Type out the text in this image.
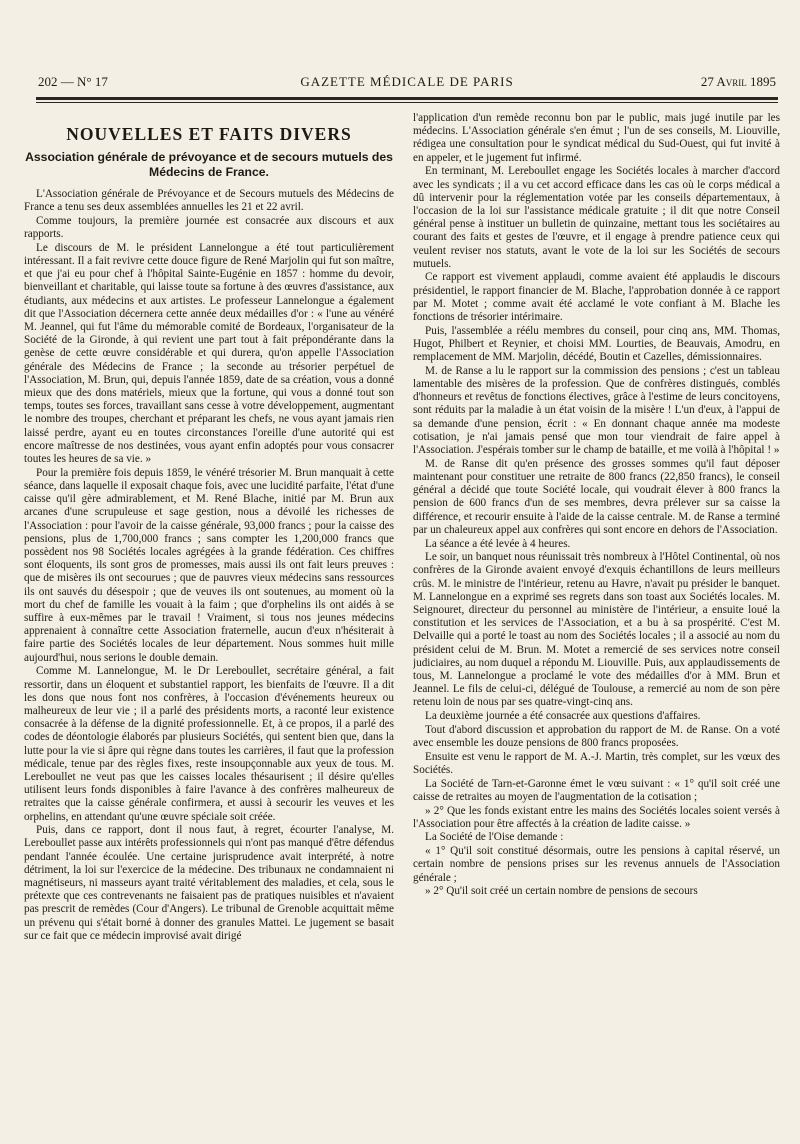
202 — N° 17	GAZETTE MÉDICALE DE PARIS	27 Avril 1895
NOUVELLES ET FAITS DIVERS
Association générale de prévoyance et de secours mutuels des Médecins de France.

L'Association générale de Prévoyance et de Secours mutuels des Médecins de France a tenu ses deux assemblées annuelles les 21 et 22 avril.

Comme toujours, la première journée est consacrée aux discours et aux rapports.

Le discours de M. le président Lannelongue a été tout particulièrement intéressant. Il a fait revivre cette douce figure de René Marjolin qui fut son maître, et que j'ai eu pour chef à l'hôpital Sainte-Eugénie en 1857 : homme du devoir, bienveillant et charitable, qui laisse toute sa fortune à des œuvres d'assistance, aux étudiants, aux médecins et aux artistes. Le professeur Lannelongue a également dit que l'Association décernera cette année deux médailles d'or : « l'une au vénéré M. Jeannel, qui fut l'âme du mémorable comité de Bordeaux, l'organisateur de la Société de la Gironde, à qui revient une part tout à fait prépondérante dans la genèse de cette œuvre considérable et qui durera, qu'on appelle l'Association générale des Médecins de France ; la seconde au trésorier perpétuel de l'Association, M. Brun, qui, depuis l'année 1859, date de sa création, vous a donné mieux que des dons matériels, mieux que la fortune, qui vous a donné tout son temps, toutes ses forces, travaillant sans cesse à votre développement, augmentant le nombre des troupes, cherchant et préparant les chefs, ne vous ayant jamais rien laissé perdre, ayant eu en toutes circonstances l'oreille d'une autorité qui est encore maîtresse de nos destinées, vous ayant enfin adoptés pour vous consacrer toutes les heures de sa vie. »

Pour la première fois depuis 1859, le vénéré trésorier M. Brun manquait à cette séance, dans laquelle il exposait chaque fois, avec une lucidité parfaite, l'état d'une caisse qu'il gère admirablement, et M. René Blache, initié par M. Brun aux arcanes d'une scrupuleuse et sage gestion, nous a dévoilé les richesses de l'Association : pour l'avoir de la caisse générale, 93,000 francs ; pour la caisse des pensions, plus de 1,700,000 francs ; sans compter les 1,200,000 francs que possèdent nos 98 Sociétés locales agrégées à la grande fédération. Ces chiffres sont éloquents, ils sont gros de promesses, mais aussi ils ont fait leurs preuves : que de misères ils ont secourues ; que de pauvres vieux médecins sans ressources ils ont sauvés du désespoir ; que de veuves ils ont soutenues, au moment où la mort du chef de famille les vouait à la faim ; que d'orphelins ils ont aidés à se suffire à eux-mêmes par le travail ! Vraiment, si tous nos jeunes médecins apprenaient à connaître cette Association fraternelle, aucun d'eux n'hésiterait à faire partie des Sociétés locales de leur département. Nous sommes huit mille aujourd'hui, nous serions le double demain.

Comme M. Lannelongue, M. le Dr Lereboullet, secrétaire général, a fait ressortir, dans un éloquent et substantiel rapport, les bienfaits de l'œuvre. Il a dit les dons que nous font nos confrères, à l'occasion d'événements heureux ou malheureux de leur vie ; il a parlé des présidents morts, a raconté leur existence consacrée à la défense de la dignité professionnelle. Et, à ce propos, il a parlé des codes de déontologie élaborés par plusieurs Sociétés, qui sentent bien que, dans la lutte pour la vie si âpre qui règne dans toutes les carrières, il faut que la profession médicale, tenue par des règles fixes, reste insoupçonnable aux yeux de tous. M. Lereboullet ne veut pas que les caisses locales thésaurisent ; il désire qu'elles utilisent leurs fonds disponibles à faire l'avance à des confrères malheureux de retraites que la caisse générale confirmera, et aussi à secourir les veuves et les orphelins, en attendant qu'une œuvre spéciale soit créée.

Puis, dans ce rapport, dont il nous faut, à regret, écourter l'analyse, M. Lereboullet passe aux intérêts professionnels qui n'ont pas manqué d'être défendus pendant l'année écoulée. Une certaine jurisprudence avait interprété, à notre détriment, la loi sur l'exercice de la médecine. Des tribunaux ne condamnaient ni magnétiseurs, ni masseurs ayant traité véritablement des maladies, et cela, sous le prétexte que ces contrevenants ne faisaient pas de pratiques nuisibles et n'avaient pas prescrit de remèdes (Cour d'Angers). Le tribunal de Grenoble acquittait même un prévenu qui s'était borné à donner des granules Mattei. Le jugement se basait sur ce fait que ce médecin improvisé avait dirigé

l'application d'un remède reconnu bon par le public, mais jugé inutile par les médecins. L'Association générale s'en émut ; l'un de ses conseils, M. Liouville, rédigea une consultation pour le syndicat médical du Sud-Ouest, qui fut invité à en appeler, et le jugement fut infirmé.

En terminant, M. Lereboullet engage les Sociétés locales à marcher d'accord avec les syndicats ; il a vu cet accord efficace dans les cas où le corps médical a dû intervenir pour la réglementation votée par les conseils départementaux, à l'occasion de la loi sur l'assistance médicale gratuite ; il dit que notre Conseil général pense à instituer un bulletin de quinzaine, mettant tous les sociétaires au courant des faits et gestes de l'œuvre, et il engage à prendre patience ceux qui veulent reviser nos statuts, avant le vote de la loi sur les Sociétés de secours mutuels.

Ce rapport est vivement applaudi, comme avaient été applaudis le discours présidentiel, le rapport financier de M. Blache, l'approbation donnée à ce rapport par M. Motet ; comme avait été acclamé le vote confiant à M. Blache les fonctions de trésorier intérimaire.

Puis, l'assemblée a réélu membres du conseil, pour cinq ans, MM. Thomas, Hugot, Philbert et Reynier, et choisi MM. Lourties, de Beauvais, Amodru, en remplacement de MM. Marjolin, décédé, Boutin et Cazelles, démissionnaires.

M. de Ranse a lu le rapport sur la commission des pensions ; c'est un tableau lamentable des misères de la profession. Que de confrères distingués, comblés d'honneurs et revêtus de fonctions électives, grâce à l'estime de leurs concitoyens, sont réduits par la maladie à un état voisin de la misère ! L'un d'eux, à l'appui de sa demande d'une pension, écrit : « En donnant chaque année ma modeste cotisation, je n'ai jamais pensé que mon tour viendrait de faire appel à l'Association. J'espérais tomber sur le champ de bataille, et me voilà à l'hôpital ! »

M. de Ranse dit qu'en présence des grosses sommes qu'il faut déposer maintenant pour constituer une retraite de 800 francs (22,850 francs), le conseil général a décidé que toute Société locale, qui voudrait élever à 800 francs la pension de 600 francs d'un de ses membres, devra prélever sur sa caisse la différence, et recourir ensuite à l'aide de la caisse centrale. M. de Ranse a terminé par un chaleureux appel aux confrères qui sont encore en dehors de l'Association.

La séance a été levée à 4 heures.

Le soir, un banquet nous réunissait très nombreux à l'Hôtel Continental, où nos confrères de la Gironde avaient envoyé d'exquis échantillons de leurs meilleurs crûs. M. le ministre de l'intérieur, retenu au Havre, n'avait pu présider le banquet. M. Lannelongue en a exprimé ses regrets dans son toast aux Sociétés locales. M. Seignouret, directeur du personnel au ministère de l'intérieur, a ensuite loué la constitution et les services de l'Association, et a bu à sa prospérité. C'est M. Delvaille qui a porté le toast au nom des Sociétés locales ; il a associé au nom du président celui de M. Brun. M. Motet a remercié de ses services notre conseil judiciaires, au nom duquel a répondu M. Liouville. Puis, aux applaudissements de tous, M. Lannelongue a proclamé le vote des médailles d'or à MM. Brun et Jeannel. Le fils de celui-ci, délégué de Toulouse, a remercié au nom de son père retenu loin de nous par ses quatre-vingt-cinq ans.

La deuxième journée a été consacrée aux questions d'affaires.

Tout d'abord discussion et approbation du rapport de M. de Ranse. On a voté avec ensemble les douze pensions de 800 francs proposées.

Ensuite est venu le rapport de M. A.-J. Martin, très complet, sur les vœux des Sociétés.

La Société de Tarn-et-Garonne émet le vœu suivant : « 1° qu'il soit créé une caisse de retraites au moyen de l'augmentation de la cotisation ;

» 2° Que les fonds existant entre les mains des Sociétés locales soient versés à l'Association pour être affectés à la création de ladite caisse. »

La Société de l'Oise demande :

« 1° Qu'il soit constitué désormais, outre les pensions à capital réservé, un certain nombre de pensions prises sur les revenus annuels de l'Association générale ;

» 2° Qu'il soit créé un certain nombre de pensions de secours
